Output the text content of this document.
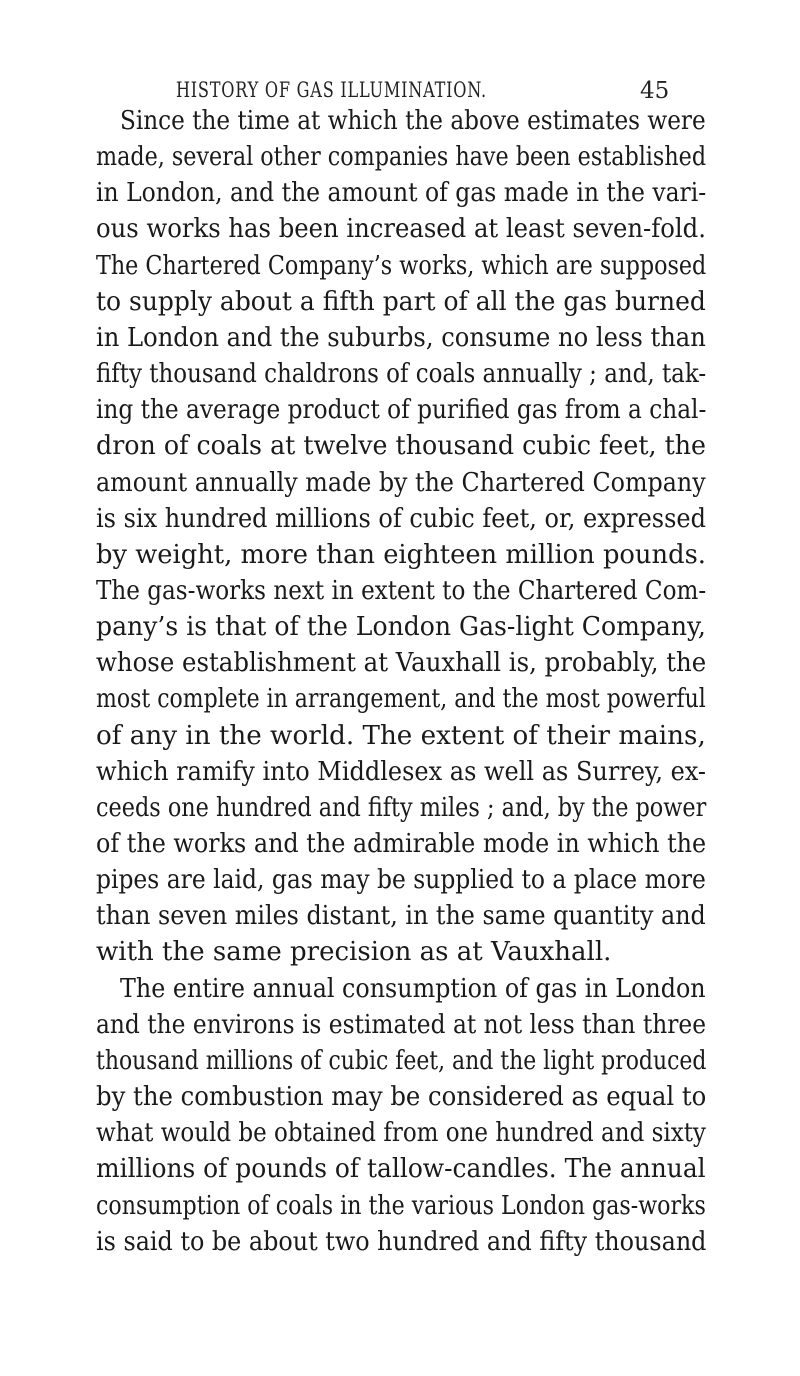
HISTORY OF GAS ILLUMINATION.	45
Since the time at which the above estimates were
made, several other companies have been established
in London, and the amount of gas made in the vari-
ous works has been increased at least seven-fold.
The Chartered Company’s works, which are supposed
to supply about a fifth part of all the gas burned
in London and the suburbs, consume no less than
fifty thousand chaldrons of coals annually ; and, tak-
ing the average product of purified gas from a chal-
dron of coals at twelve thousand cubic feet, the
amount annually made by the Chartered Company
is six hundred millions of cubic feet, or, expressed
by weight, more than eighteen million pounds.
The gas-works next in extent to the Chartered Com-
pany’s is that of the London Gas-light Company,
whose establishment at Vauxhall is, probably, the
most complete in arrangement, and the most powerful
of any in the world. The extent of their mains,
which ramify into Middlesex as well as Surrey, ex-
ceeds one hundred and fifty miles ; and, by the power
of the works and the admirable mode in which the
pipes are laid, gas may be supplied to a place more
than seven miles distant, in the same quantity and
with the same precision as at Vauxhall.
The entire annual consumption of gas in London
and the environs is estimated at not less than three
thousand millions of cubic feet, and the light produced
by the combustion may be considered as equal to
what would be obtained from one hundred and sixty
millions of pounds of tallow-candles. The annual
consumption of coals in the various London gas-works
is said to be about two hundred and fifty thousand
